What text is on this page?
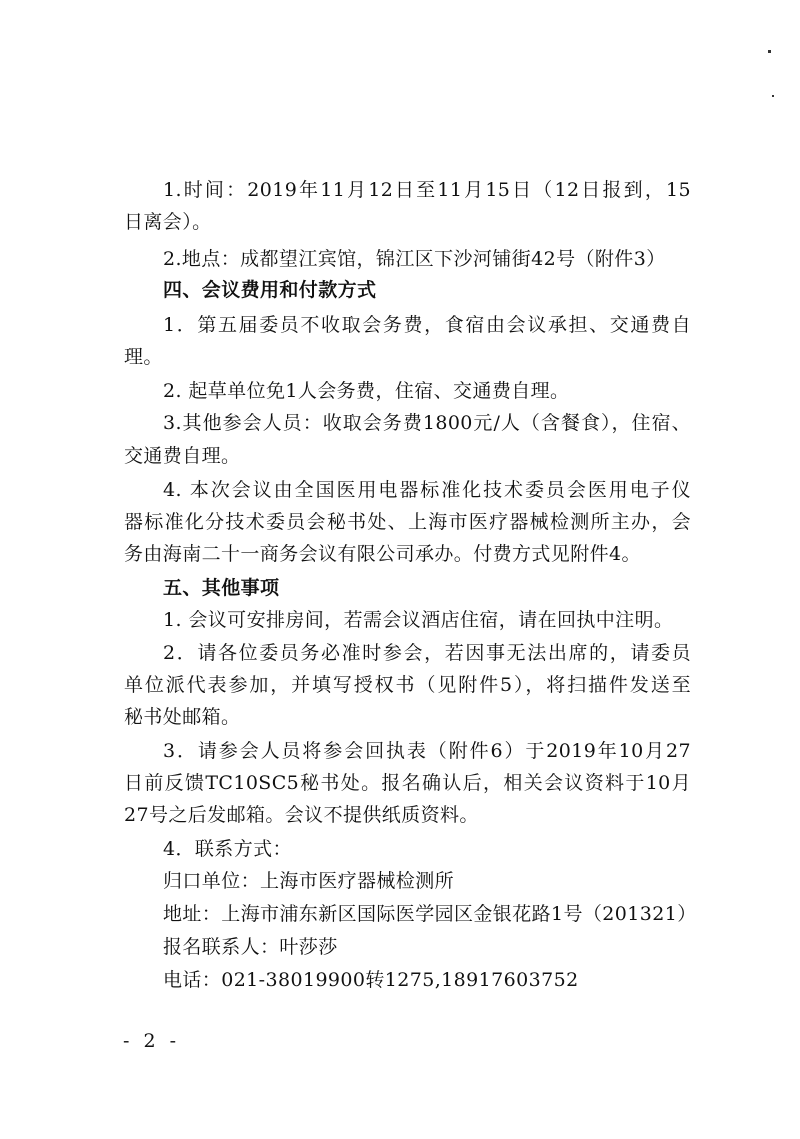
1.时间：2019年11月12日至11月15日（12日报到，15
日离会）。
2.地点：成都望江宾馆，锦江区下沙河铺街42号（附件3）
四、会议费用和付款方式
1．第五届委员不收取会务费，食宿由会议承担、交通费自
理。
2. 起草单位免1人会务费，住宿、交通费自理。
3.其他参会人员：收取会务费1800元/人（含餐食），住宿、
交通费自理。
4. 本次会议由全国医用电器标准化技术委员会医用电子仪
器标准化分技术委员会秘书处、上海市医疗器械检测所主办，会
务由海南二十一商务会议有限公司承办。付费方式见附件4。
五、其他事项
1. 会议可安排房间，若需会议酒店住宿，请在回执中注明。
2．请各位委员务必准时参会，若因事无法出席的，请委员
单位派代表参加，并填写授权书（见附件5），将扫描件发送至
秘书处邮箱。
3．请参会人员将参会回执表（附件6）于2019年10月27
日前反馈TC10SC5秘书处。报名确认后，相关会议资料于10月
27号之后发邮箱。会议不提供纸质资料。
4．联系方式：
归口单位：上海市医疗器械检测所
地址：上海市浦东新区国际医学园区金银花路1号（201321）
报名联系人：叶莎莎
电话：021-38019900转1275,18917603752
- 2 -
